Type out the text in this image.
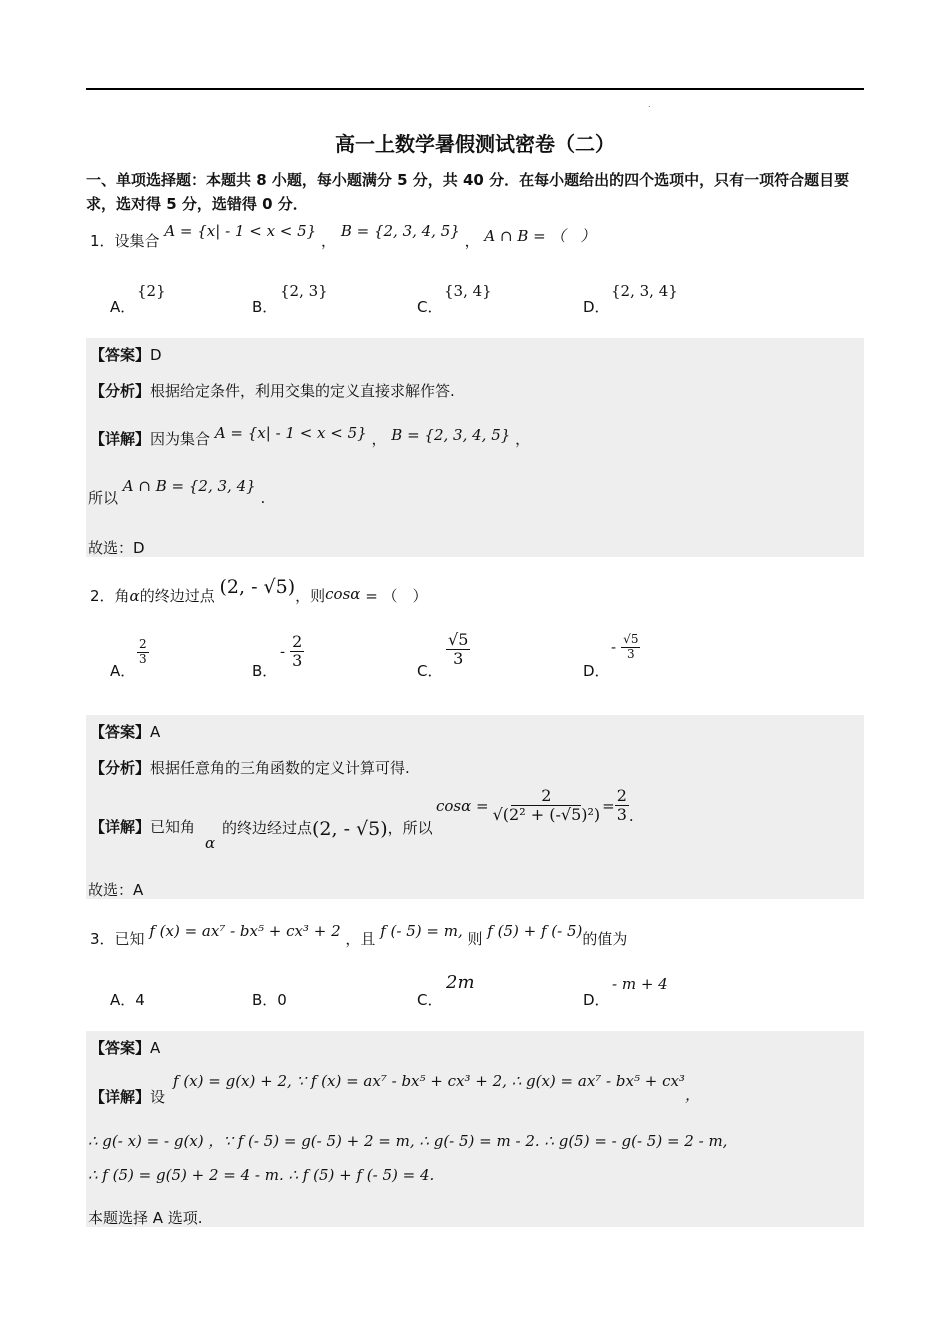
.
高一上数学暑假测试密卷（二）
一、单项选择题：本题共 8 小题，每小题满分 5 分，共 40 分．在每小题给出的四个选项中，只有一项符合题目要求，选对得 5 分，选错得 0 分．
1．设集合 A = {x| - 1 < x < 5} ， B = {2, 3, 4, 5} ， A ∩ B = （　）
A．
{2}
B．
{2, 3}
C．
{3, 4}
D．
{2, 3, 4}
【答案】D
【分析】根据给定条件，利用交集的定义直接求解作答.
【详解】因为集合 A = {x| - 1 < x < 5} ， B = {2, 3, 4, 5} ，
所以 A ∩ B = {2, 3, 4} .
故选：D
2．角α的终边过点 (2, - √5)，则cosα = （　）
A．
$\frac{2}{3}$
B．
- $\frac{2}{3}$
C．
$\frac{√5}{3}$
D．
- $\frac{√5}{3}$
【答案】A
【分析】根据任意角的三角函数的定义计算可得.
【详解】已知角
α
的终边经过点(2, - √5)，所以
$\cos\alpha = \frac{2}{\text{√(2² + (-√5)²)}} = \frac{2}{3}$ .
故选：A
3．已知 f (x) = ax⁷ - bx⁵ + cx³ + 2 ，且 f (- 5) = m, 则 f (5) + f (- 5)的值为
A．4	B．0	C．
2m
D．
- m + 4
【答案】A
【详解】设
f (x) = g(x) + 2, ∵ f (x) = ax⁷ - bx⁵ + cx³ + 2, ∴ g(x) = ax⁷ - bx⁵ + cx³，
∴ g(- x) = - g(x) ，∵ f (- 5) = g(- 5) + 2 = m, ∴ g(- 5) = m - 2. ∴ g(5) = - g(- 5) = 2 - m,
∴ f (5) = g(5) + 2 = 4 - m. ∴ f (5) + f (- 5) = 4.
本题选择 A 选项.
